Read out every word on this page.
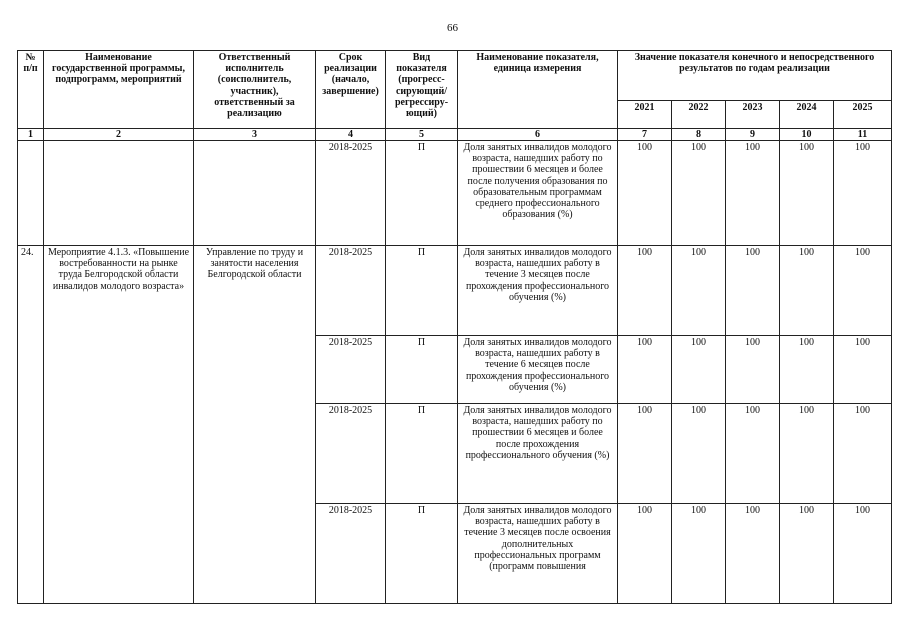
66
№ п/п	Наименование государственной программы, подпрограмм, мероприятий	Ответственный исполнитель (соисполнитель, участник), ответственный за реализацию	Срок реализации (начало, завершение)	Вид показателя (прогресс-сирующий/ регрессиру-ющий)	Наименование показателя, единица измерения	Значение показателя конечного и непосредственного результатов по годам реализации				
						2021	2022	2023	2024	2025
1	2	3	4	5	6	7	8	9	10	11
			2018-2025	П	Доля занятых инвалидов молодого возраста, нашедших работу по прошествии 6 месяцев и более после получения образования по образовательным программам среднего профессионального образования (%)	100	100	100	100	100
24.	Мероприятие 4.1.3. «Повышение востребованности на рынке труда Белгородской области инвалидов молодого возраста»	Управление по труду и занятости населения Белгородской области	2018-2025	П	Доля занятых инвалидов молодого возраста, нашедших работу в течение 3 месяцев после прохождения профессионального обучения (%)	100	100	100	100	100
			2018-2025	П	Доля занятых инвалидов молодого возраста, нашедших работу в течение 6 месяцев после прохождения профессионального обучения (%)	100	100	100	100	100
			2018-2025	П	Доля занятых инвалидов молодого возраста, нашедших работу по прошествии 6 месяцев и более после прохождения профессионального обучения (%)	100	100	100	100	100
			2018-2025	П	Доля занятых инвалидов молодого возраста, нашедших работу в течение 3 месяцев после освоения дополнительных профессиональных программ (программ повышения	100	100	100	100	100
